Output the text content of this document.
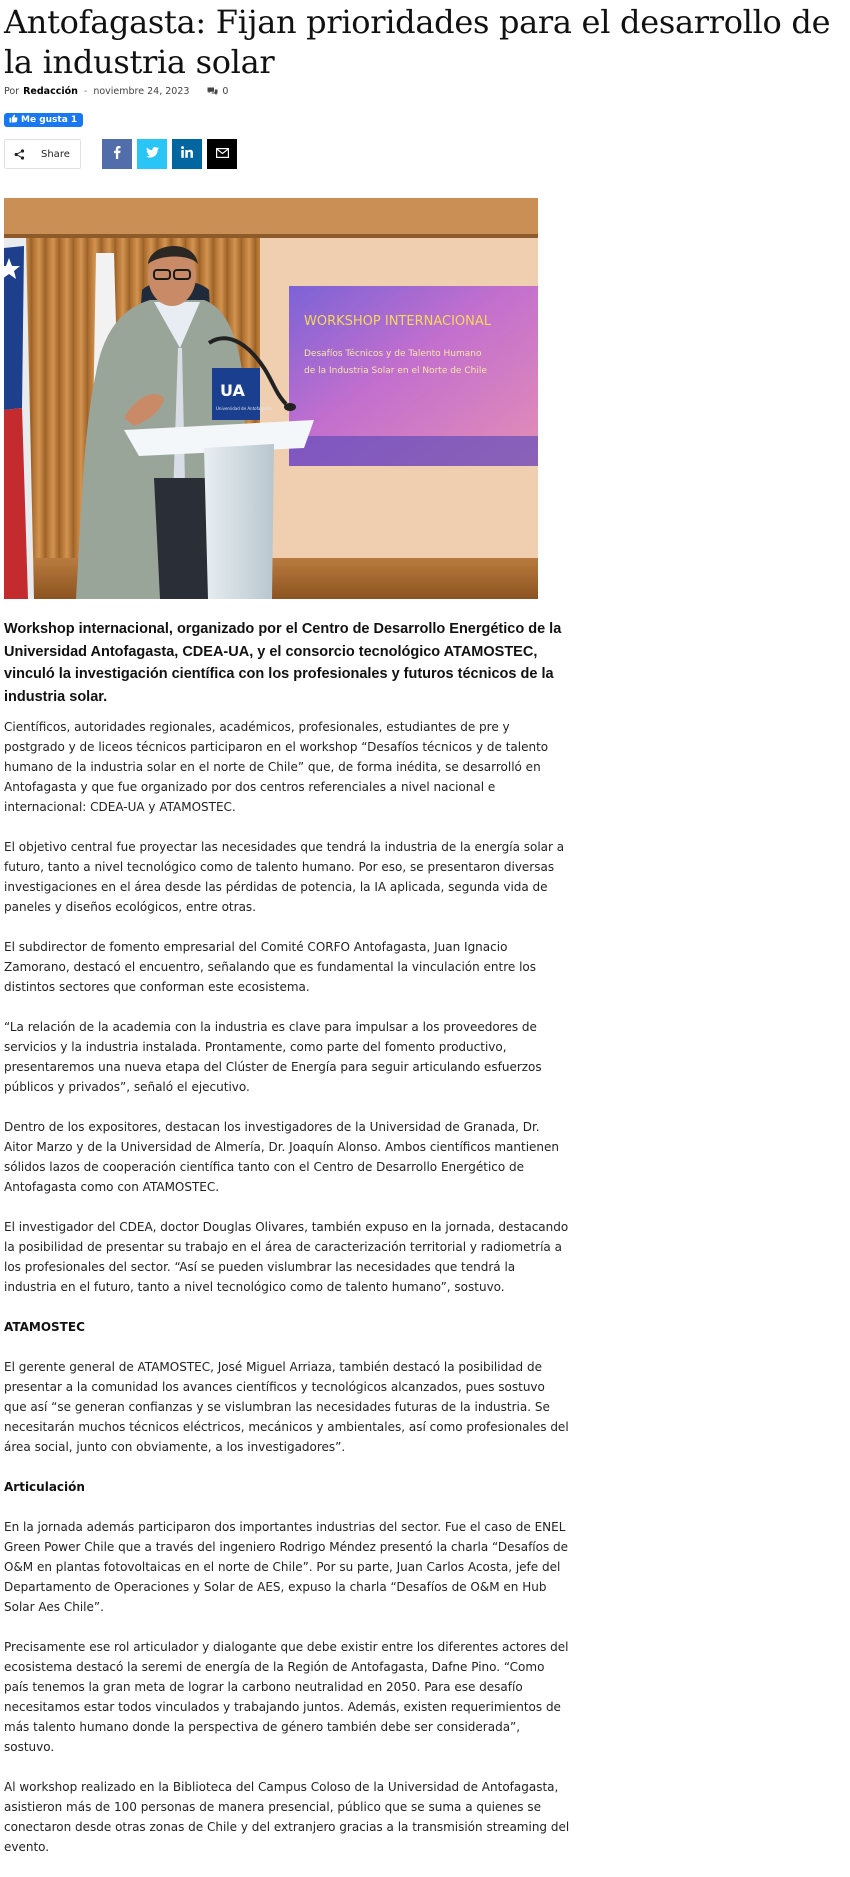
Antofagasta: Fijan prioridades para el desarrollo de la industria solar
Por Redacción - noviembre 24, 2023	0
Me gusta 1
Share
WORKSHOP INTERNACIONAL
Desafíos Técnicos y de Talento Humano
de la Industria Solar en el Norte de Chile
UA
Universidad de Antofagasta
Workshop internacional, organizado por el Centro de Desarrollo Energético de la Universidad Antofagasta, CDEA-UA, y el consorcio tecnológico ATAMOSTEC, vinculó la investigación científica con los profesionales y futuros técnicos de la industria solar.

Científicos, autoridades regionales, académicos, profesionales, estudiantes de pre y postgrado y de liceos técnicos participaron en el workshop “Desafíos técnicos y de talento humano de la industria solar en el norte de Chile” que, de forma inédita, se desarrolló en Antofagasta y que fue organizado por dos centros referenciales a nivel nacional e internacional: CDEA-UA y ATAMOSTEC.

El objetivo central fue proyectar las necesidades que tendrá la industria de la energía solar a futuro, tanto a nivel tecnológico como de talento humano. Por eso, se presentaron diversas investigaciones en el área desde las pérdidas de potencia, la IA aplicada, segunda vida de paneles y diseños ecológicos, entre otras.

El subdirector de fomento empresarial del Comité CORFO Antofagasta, Juan Ignacio Zamorano, destacó el encuentro, señalando que es fundamental la vinculación entre los distintos sectores que conforman este ecosistema.

“La relación de la academia con la industria es clave para impulsar a los proveedores de servicios y la industria instalada. Prontamente, como parte del fomento productivo, presentaremos una nueva etapa del Clúster de Energía para seguir articulando esfuerzos públicos y privados”, señaló el ejecutivo.

Dentro de los expositores, destacan los investigadores de la Universidad de Granada, Dr. Aitor Marzo y de la Universidad de Almería, Dr. Joaquín Alonso. Ambos científicos mantienen sólidos lazos de cooperación científica tanto con el Centro de Desarrollo Energético de Antofagasta como con ATAMOSTEC.

El investigador del CDEA, doctor Douglas Olivares, también expuso en la jornada, destacando la posibilidad de presentar su trabajo en el área de caracterización territorial y radiometría a los profesionales del sector. “Así se pueden vislumbrar las necesidades que tendrá la industria en el futuro, tanto a nivel tecnológico como de talento humano”, sostuvo.

ATAMOSTEC

El gerente general de ATAMOSTEC, José Miguel Arriaza, también destacó la posibilidad de presentar a la comunidad los avances científicos y tecnológicos alcanzados, pues sostuvo que así “se generan confianzas y se vislumbran las necesidades futuras de la industria. Se necesitarán muchos técnicos eléctricos, mecánicos y ambientales, así como profesionales del área social, junto con obviamente, a los investigadores”.

Articulación

En la jornada además participaron dos importantes industrias del sector. Fue el caso de ENEL Green Power Chile que a través del ingeniero Rodrigo Méndez presentó la charla “Desafíos de O&M en plantas fotovoltaicas en el norte de Chile”. Por su parte, Juan Carlos Acosta, jefe del Departamento de Operaciones y Solar de AES, expuso la charla “Desafíos de O&M en Hub Solar Aes Chile”.

Precisamente ese rol articulador y dialogante que debe existir entre los diferentes actores del ecosistema destacó la seremi de energía de la Región de Antofagasta, Dafne Pino. “Como país tenemos la gran meta de lograr la carbono neutralidad en 2050. Para ese desafío necesitamos estar todos vinculados y trabajando juntos. Además, existen requerimientos de más talento humano donde la perspectiva de género también debe ser considerada”, sostuvo.

Al workshop realizado en la Biblioteca del Campus Coloso de la Universidad de Antofagasta, asistieron más de 100 personas de manera presencial, público que se suma a quienes se conectaron desde otras zonas de Chile y del extranjero gracias a la transmisión streaming del evento.
